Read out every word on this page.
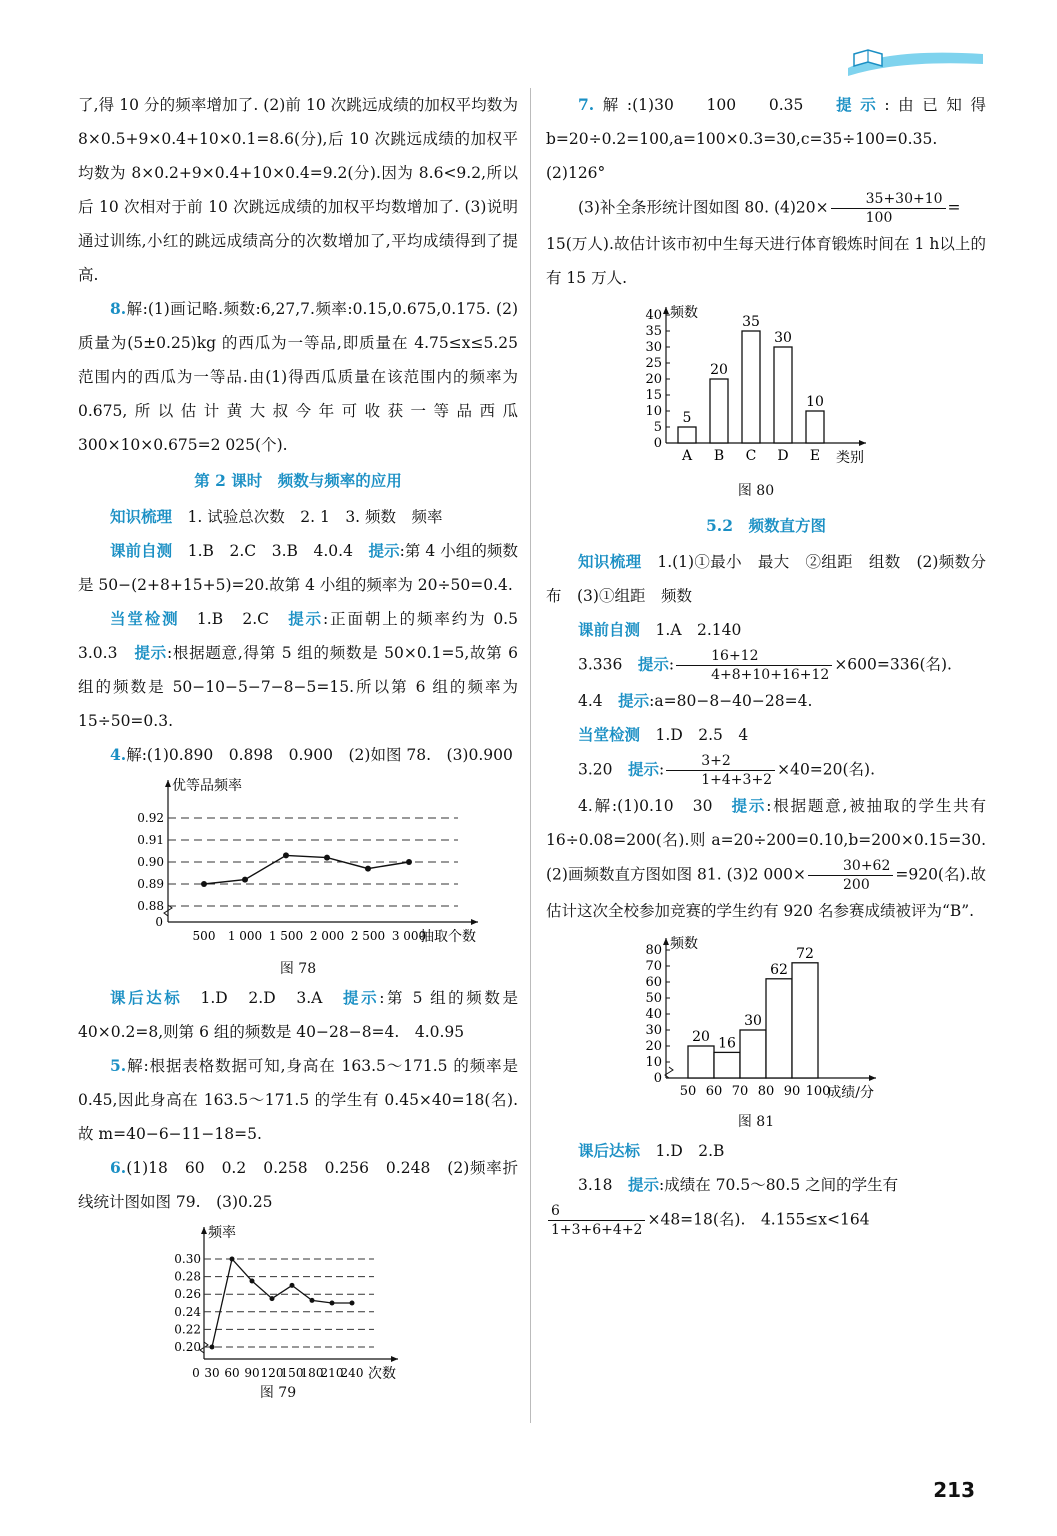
了,得 10 分的频率增加了. (2)前 10 次跳远成绩的加权平均数为 8×0.5+9×0.4+10×0.1=8.6(分),后 10 次跳远成绩的加权平均数为 8×0.2+9×0.4+10×0.4=9.2(分).因为 8.6<9.2,所以后 10 次相对于前 10 次跳远成绩的加权平均数增加了. (3)说明通过训练,小红的跳远成绩高分的次数增加了,平均成绩得到了提高.

8.解:(1)画记略.频数:6,27,7.频率:0.15,0.675,0.175. (2)质量为(5±0.25)kg 的西瓜为一等品,即质量在 4.75≤x≤5.25 范围内的西瓜为一等品.由(1)得西瓜质量在该范围内的频率为 0.675,所以估计黄大叔今年可收获一等品西瓜 300×10×0.675=2 025(个).

第 2 课时　频数与频率的应用

知识梳理　 1. 试验总次数　2. 1　3. 频数　频率

课前自测　 1.B　2.C　3.B　4.0.4　提示:第 4 小组的频数是 50−(2+8+15+5)=20.故第 4 小组的频率为 20÷50=0.4.

当堂检测　 1.B　2.C　提示:正面朝上的频率约为 0.5　3.0.3　提示:根据题意,得第 5 组的频数是 50×0.1=5,故第 6 组的频数是 50−10−5−7−8−5=15.所以第 6 组的频率为 15÷50=0.3.

4.解:(1)0.890　0.898　0.900　(2)如图 78.　(3)0.900

优等品频率
抽取个数
0
0.88
0.89
0.90
0.91
0.92
500 1 000 1 500 2 000 2 500 3 000
图 78

课后达标　 1.D　2.D　3.A　提示:第 5 组的频数是 40×0.2=8,则第 6 组的频数是 40−28−8=4.　4.0.95

5.解:根据表格数据可知,身高在 163.5～171.5 的频率是 0.45,因此身高在 163.5～171.5 的学生有 0.45×40=18(名).故 m=40−6−11−18=5.

6.(1)18　60　0.2　0.258　0.256　0.248　(2)频率折线统计图如图 79.　(3)0.25

频率
次数
0
0.20
0.22
0.24
0.26
0.28
0.30
30 60 90 120
150
180
210
240
图 79

7.解:(1)30　100　0.35　提示:由已知得 b=20÷0.2=100,a=100×0.3=30,c=35÷100=0.35. (2)126°

(3)补全条形统计图如图 80. $(4)20\times \frac{35+30+10}{100}$ =

15(万人).故估计该市初中生每天进行体育锻炼时间在 1 h以上的有 15 万人.

频数
类别
0
5
10
15
20
25
30
35
40
5
A
20
B
35
C
30
D
10
E
图 80
5.2　频数直方图

知识梳理　 1.(1)①最小　最大　②组距　组数　(2)频数分布　(3)①组距　频数

课前自测　 1.A　2.140

3.336　提示: $\frac{16+12}{4+8+10+16+12} \times 600=336$(名).

4.4　提示:a=80−8−40−28=4.

当堂检测　 1.D　2.5　4

3.20　提示: $\frac{3+2}{1+4+3+2} \times 40=20$(名).

4.解:(1)0.10　30　提示:根据题意,被抽取的学生共有 16÷0.08=200(名).则 a=20÷200=0.10,b=200×0.15=30. (2)画频数直方图如图 81. (3)2 $000\times \frac{30+62}{200} =920$(名).故估计这次全校参加竞赛的学生约有 920 名参赛成绩被评为“B”.

频数
成绩/分
0
10
20
30
40
50
60
70
80
50 60 70 80 90 100
20 16
30
62
72
图 81

课后达标　 1.D　2.B

3.18　提示:成绩在 70.5～80.5 之间的学生有

$\frac{6}{1+3+6+4+2} \times 48=18$(名).　 4.155≤x<164

213
